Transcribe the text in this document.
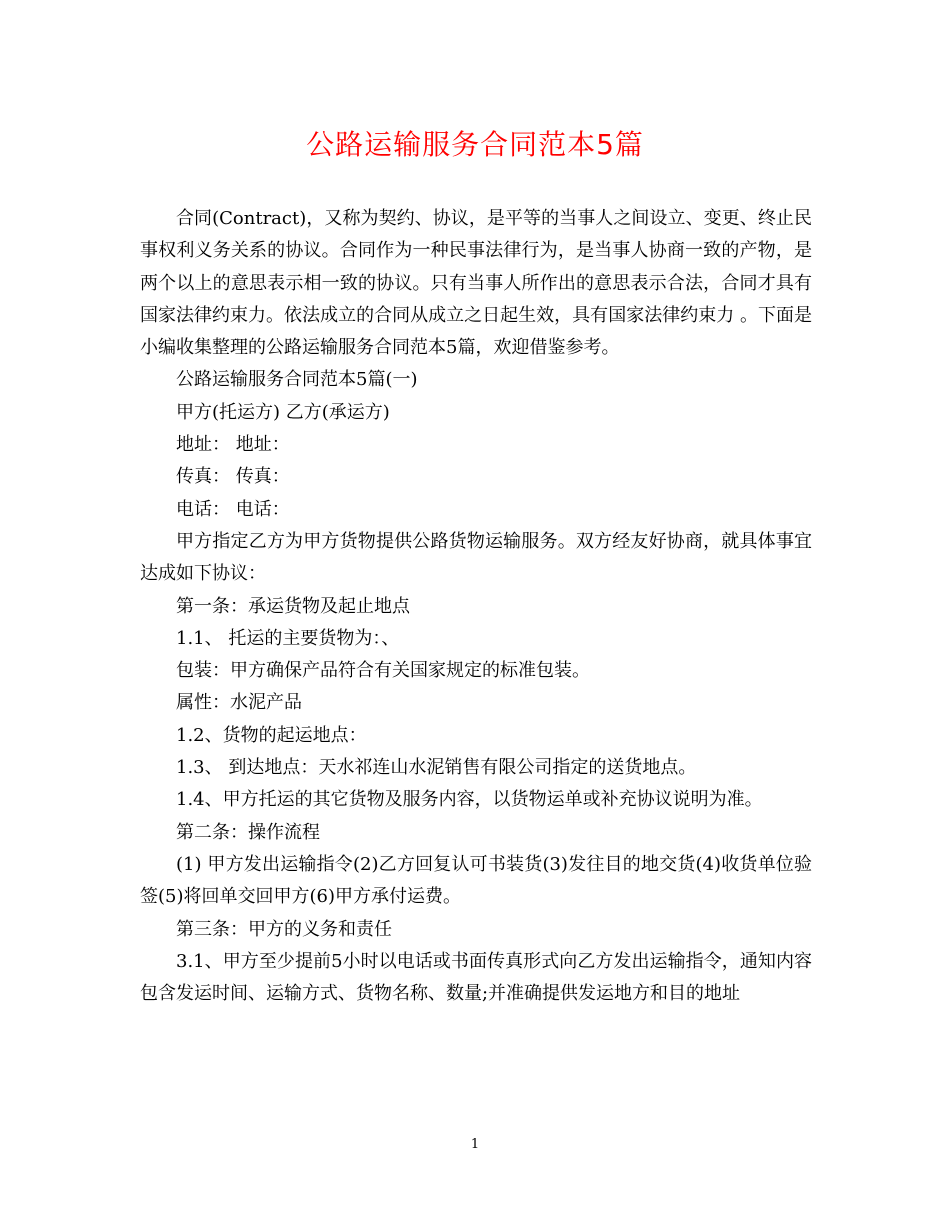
公路运输服务合同范本5篇

合同(Contract)，又称为契约、协议，是平等的当事人之间设立、变更、终止民事权利义务关系的协议。合同作为一种民事法律行为，是当事人协商一致的产物，是两个以上的意思表示相一致的协议。只有当事人所作出的意思表示合法，合同才具有国家法律约束力。依法成立的合同从成立之日起生效，具有国家法律约束力 。下面是小编收集整理的公路运输服务合同范本5篇，欢迎借鉴参考。

公路运输服务合同范本5篇(一)

甲方(托运方) 乙方(承运方)

地址： 地址：

传真： 传真：

电话： 电话：

甲方指定乙方为甲方货物提供公路货物运输服务。双方经友好协商，就具体事宜达成如下协议：

第一条：承运货物及起止地点

1.1、 托运的主要货物为：、

包装：甲方确保产品符合有关国家规定的标准包装。

属性：水泥产品

1.2、货物的起运地点：

1.3、 到达地点：天水祁连山水泥销售有限公司指定的送货地点。

1.4、甲方托运的其它货物及服务内容，以货物运单或补充协议说明为准。

第二条：操作流程

(1) 甲方发出运输指令(2)乙方回复认可书装货(3)发往目的地交货(4)收货单位验签(5)将回单交回甲方(6)甲方承付运费。

第三条：甲方的义务和责任

3.1、甲方至少提前5小时以电话或书面传真形式向乙方发出运输指令，通知内容包含发运时间、运输方式、货物名称、数量;并准确提供发运地方和目的地址

1
